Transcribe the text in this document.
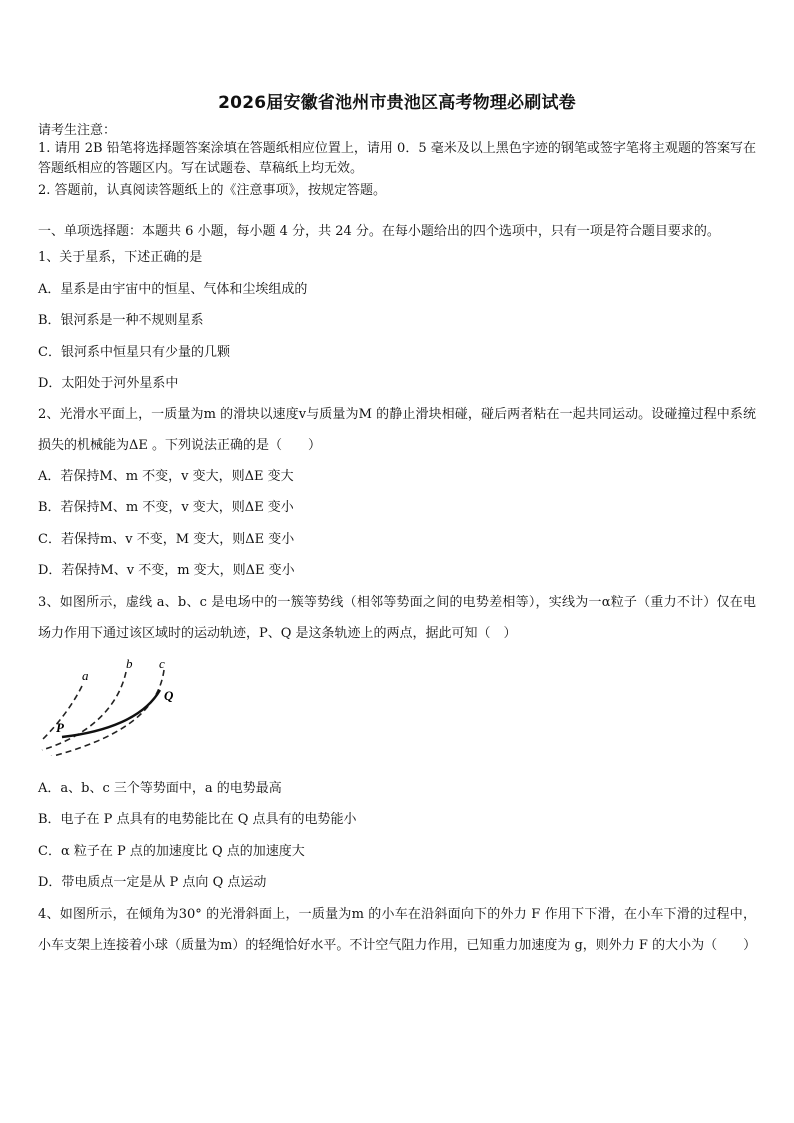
2026届安徽省池州市贵池区高考物理必刷试卷
请考生注意：
1. 请用 2B 铅笔将选择题答案涂填在答题纸相应位置上，请用 0．5 毫米及以上黑色字迹的钢笔或签字笔将主观题的答案写在答题纸相应的答题区内。写在试题卷、草稿纸上均无效。
2. 答题前，认真阅读答题纸上的《注意事项》，按规定答题。
一、单项选择题：本题共 6 小题，每小题 4 分，共 24 分。在每小题给出的四个选项中，只有一项是符合题目要求的。
1、关于星系，下述正确的是
A．星系是由宇宙中的恒星、气体和尘埃组成的
B．银河系是一种不规则星系
C．银河系中恒星只有少量的几颗
D．太阳处于河外星系中
2、光滑水平面上，一质量为m 的滑块以速度v与质量为M 的静止滑块相碰，碰后两者粘在一起共同运动。设碰撞过程中系统损失的机械能为ΔE 。下列说法正确的是（　　）
A．若保持M、m 不变，v 变大，则ΔE 变大
B．若保持M、m 不变，v 变大，则ΔE 变小
C．若保持m、v 不变，M 变大，则ΔE 变小
D．若保持M、v 不变，m 变大，则ΔE 变小
3、如图所示，虚线 a、b、c 是电场中的一簇等势线（相邻等势面之间的电势差相等），实线为一α粒子（重力不计）仅在电场力作用下通过该区域时的运动轨迹，P、Q 是这条轨迹上的两点，据此可知（　）
a
b c
P
Q
A．a、b、c 三个等势面中，a 的电势最高
B．电子在 P 点具有的电势能比在 Q 点具有的电势能小
C．α 粒子在 P 点的加速度比 Q 点的加速度大
D．带电质点一定是从 P 点向 Q 点运动
4、如图所示，在倾角为30° 的光滑斜面上，一质量为m 的小车在沿斜面向下的外力 F 作用下下滑，在小车下滑的过程中，小车支架上连接着小球（质量为m）的轻绳恰好水平。不计空气阻力作用，已知重力加速度为 g，则外力 F 的大小为（　　）
